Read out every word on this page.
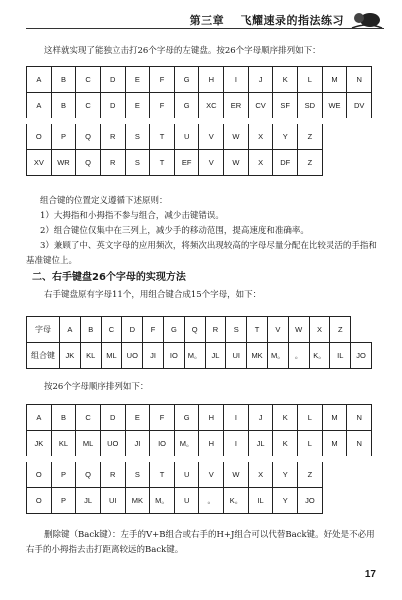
第三章 飞耀速录的指法练习

这样就实现了能独立击打26个字母的左键盘。按26个字母顺序排列如下：

A	B	C	D	E	F	G	H	I	J	K	L	M	N
A	B	C	D	E	F	G	XC	ER	CV	SF	SD	WE	DV
O	P	Q	R	S	T	U	V	W	X	Y	Z		
XV	WR	Q	R	S	T	EF	V	W	X	DF	Z		

组合键的位置定义遵循下述原则：

1）大拇指和小拇指不参与组合，减少击键错误。

2）组合键位仅集中在三列上，减少手的移动范围，提高速度和准确率。

3）兼顾了中、英文字母的应用频次，将频次出现较高的字母尽量分配在比较灵活的手指和基准键位上。

二、右手键盘26个字母的实现方法

右手键盘原有字母11个，用组合键合成15个字母，如下：

字母	A	B	C	D	F	G	Q	R	S	T	V	W	X	Z	
组合键	JK	KL	ML	UO	JI	IO	M。	JL	UI	MK	M。	。	K。	IL	JO

按26个字母顺序排列如下：

A	B	C	D	E	F	G	H	I	J	K	L	M	N
JK	KL	ML	UO	JI	IO	M。	H	I	JL	K	L	M	N
O	P	Q	R	S	T	U	V	W	X	Y	Z		
O	P	JL	UI	MK	M。	U	。	K。	IL	Y	JO		

删除键（Back键）：左手的V+B组合或右手的H+J组合可以代替Back键。好处是不必用右手的小拇指去击打距离较远的Back键。

17
